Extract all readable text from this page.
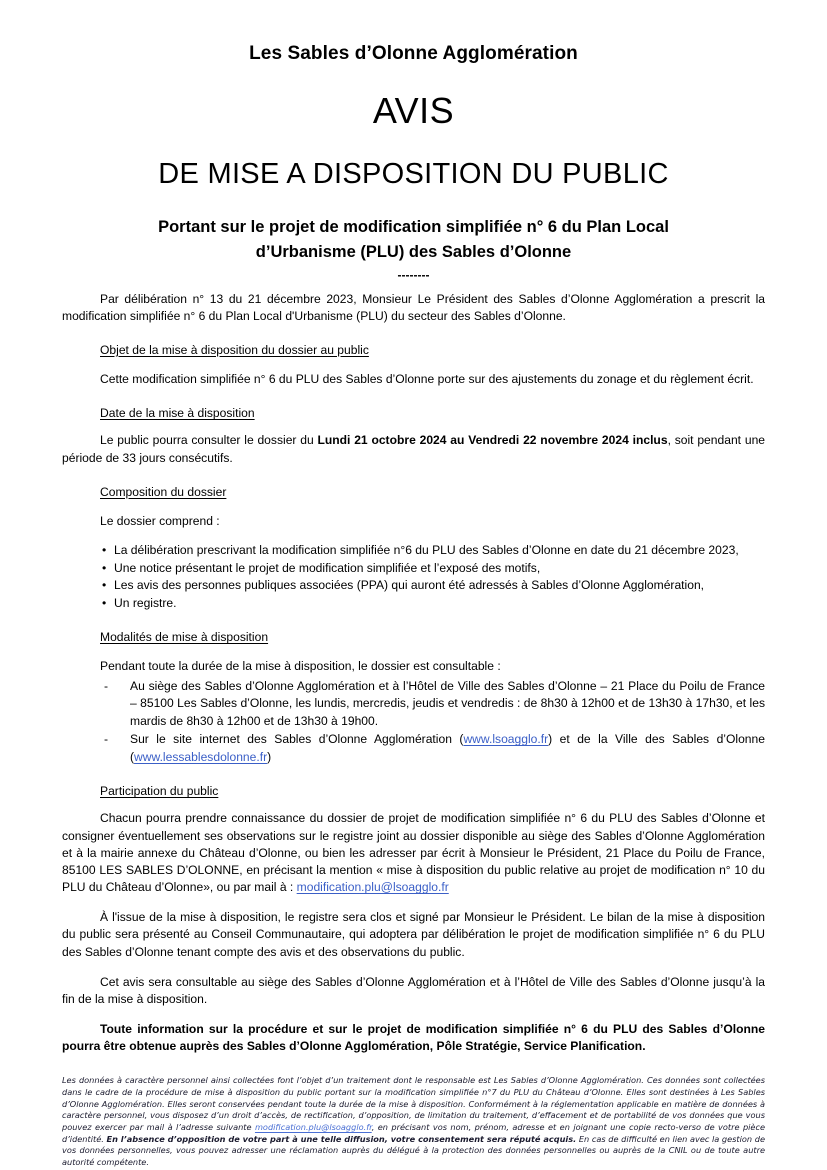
Les Sables d’Olonne Agglomération
AVIS
DE MISE A DISPOSITION DU PUBLIC
Portant sur le projet de modification simplifiée n° 6 du Plan Local
d’Urbanisme (PLU) des Sables d’Olonne
--------

Par délibération n° 13 du 21 décembre 2023, Monsieur Le Président des Sables d’Olonne Agglomération a prescrit la modification simplifiée n° 6 du Plan Local d'Urbanisme (PLU) du secteur des Sables d’Olonne.

Objet de la mise à disposition du dossier au public
Cette modification simplifiée n° 6 du PLU des Sables d’Olonne porte sur des ajustements du zonage et du règlement écrit.
Date de la mise à disposition

Le public pourra consulter le dossier du Lundi 21 octobre 2024 au Vendredi 22 novembre 2024 inclus, soit pendant une période de 33 jours consécutifs.

Composition du dossier
Le dossier comprend :
• La délibération prescrivant la modification simplifiée n°6 du PLU des Sables d’Olonne en date du 21 décembre 2023,
• Une notice présentant le projet de modification simplifiée et l’exposé des motifs,
• Les avis des personnes publiques associées (PPA) qui auront été adressés à Sables d’Olonne Agglomération,
• Un registre.
Modalités de mise à disposition
Pendant toute la durée de la mise à disposition, le dossier est consultable :
- Au siège des Sables d’Olonne Agglomération et à l’Hôtel de Ville des Sables d’Olonne – 21 Place du Poilu de France – 85100 Les Sables d’Olonne, les lundis, mercredis, jeudis et vendredis : de 8h30 à 12h00 et de 13h30 à 17h30, et les mardis de 8h30 à 12h00 et de 13h30 à 19h00.
- Sur le site internet des Sables d’Olonne Agglomération (www.lsoagglo.fr) et de la Ville des Sables d’Olonne (www.lessablesdolonne.fr)
Participation du public

Chacun pourra prendre connaissance du dossier de projet de modification simplifiée n° 6 du PLU des Sables d’Olonne et consigner éventuellement ses observations sur le registre joint au dossier disponible au siège des Sables d’Olonne Agglomération et à la mairie annexe du Château d’Olonne, ou bien les adresser par écrit à Monsieur le Président, 21 Place du Poilu de France, 85100 LES SABLES D’OLONNE, en précisant la mention « mise à disposition du public relative au projet de modification n° 10 du PLU du Château d’Olonne», ou par mail à : modification.plu@lsoagglo.fr

À l'issue de la mise à disposition, le registre sera clos et signé par Monsieur le Président. Le bilan de la mise à disposition du public sera présenté au Conseil Communautaire, qui adoptera par délibération le projet de modification simplifiée n° 6 du PLU des Sables d’Olonne tenant compte des avis et des observations du public.

Cet avis sera consultable au siège des Sables d’Olonne Agglomération et à l’Hôtel de Ville des Sables d’Olonne jusqu’à la fin de la mise à disposition.

Toute information sur la procédure et sur le projet de modification simplifiée n° 6 du PLU des Sables d’Olonne pourra être obtenue auprès des Sables d’Olonne Agglomération, Pôle Stratégie, Service Planification.

Les données à caractère personnel ainsi collectées font l’objet d’un traitement dont le responsable est Les Sables d’Olonne Agglomération. Ces données sont collectées dans le cadre de la procédure de mise à disposition du public portant sur la modification simplifiée n°7 du PLU du Château d’Olonne. Elles sont destinées à Les Sables d’Olonne Agglomération. Elles seront conservées pendant toute la durée de la mise à disposition. Conformément à la réglementation applicable en matière de données à caractère personnel, vous disposez d’un droit d’accès, de rectification, d’opposition, de limitation du traitement, d’effacement et de portabilité de vos données que vous pouvez exercer par mail à l’adresse suivante modification.plu@lsoagglo.fr, en précisant vos nom, prénom, adresse et en joignant une copie recto-verso de votre pièce d’identité. En l’absence d’opposition de votre part à une telle diffusion, votre consentement sera réputé acquis. En cas de difficulté en lien avec la gestion de vos données personnelles, vous pouvez adresser une réclamation auprès du délégué à la protection des données personnelles ou auprès de la CNIL ou de toute autre autorité compétente.
